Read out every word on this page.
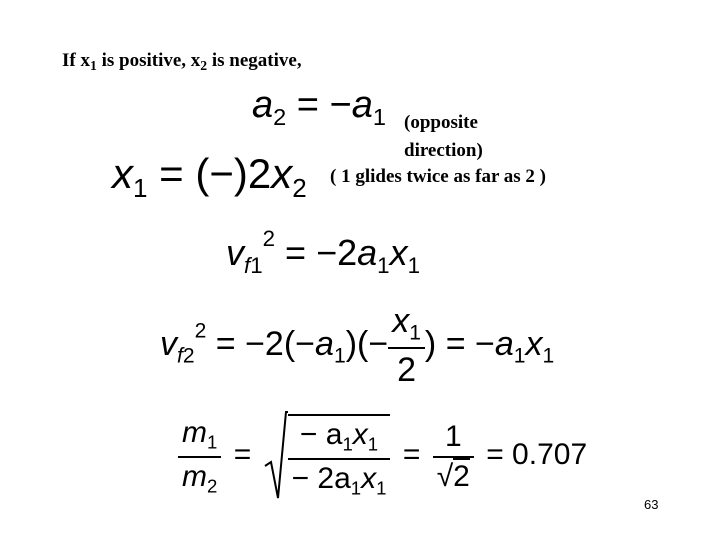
If $x_1$ is positive, $x_2$ is negative,
$a_2 = -a_1$
$x_1 = (-)2x_2$
(opposite
direction)
( 1 glides twice as far as 2 )
$v_{f1}^2 = -2a_1x_1$
$v_{f2}^2 = -2(-a_1)(- \frac{x_1}{2}$ ) = $-a_1x_1$
$\frac{m_1}{m_2} = \frac{- a_1x_1}{- 2a_1x_1} = \frac{1}{√2} = 0.707$
63
